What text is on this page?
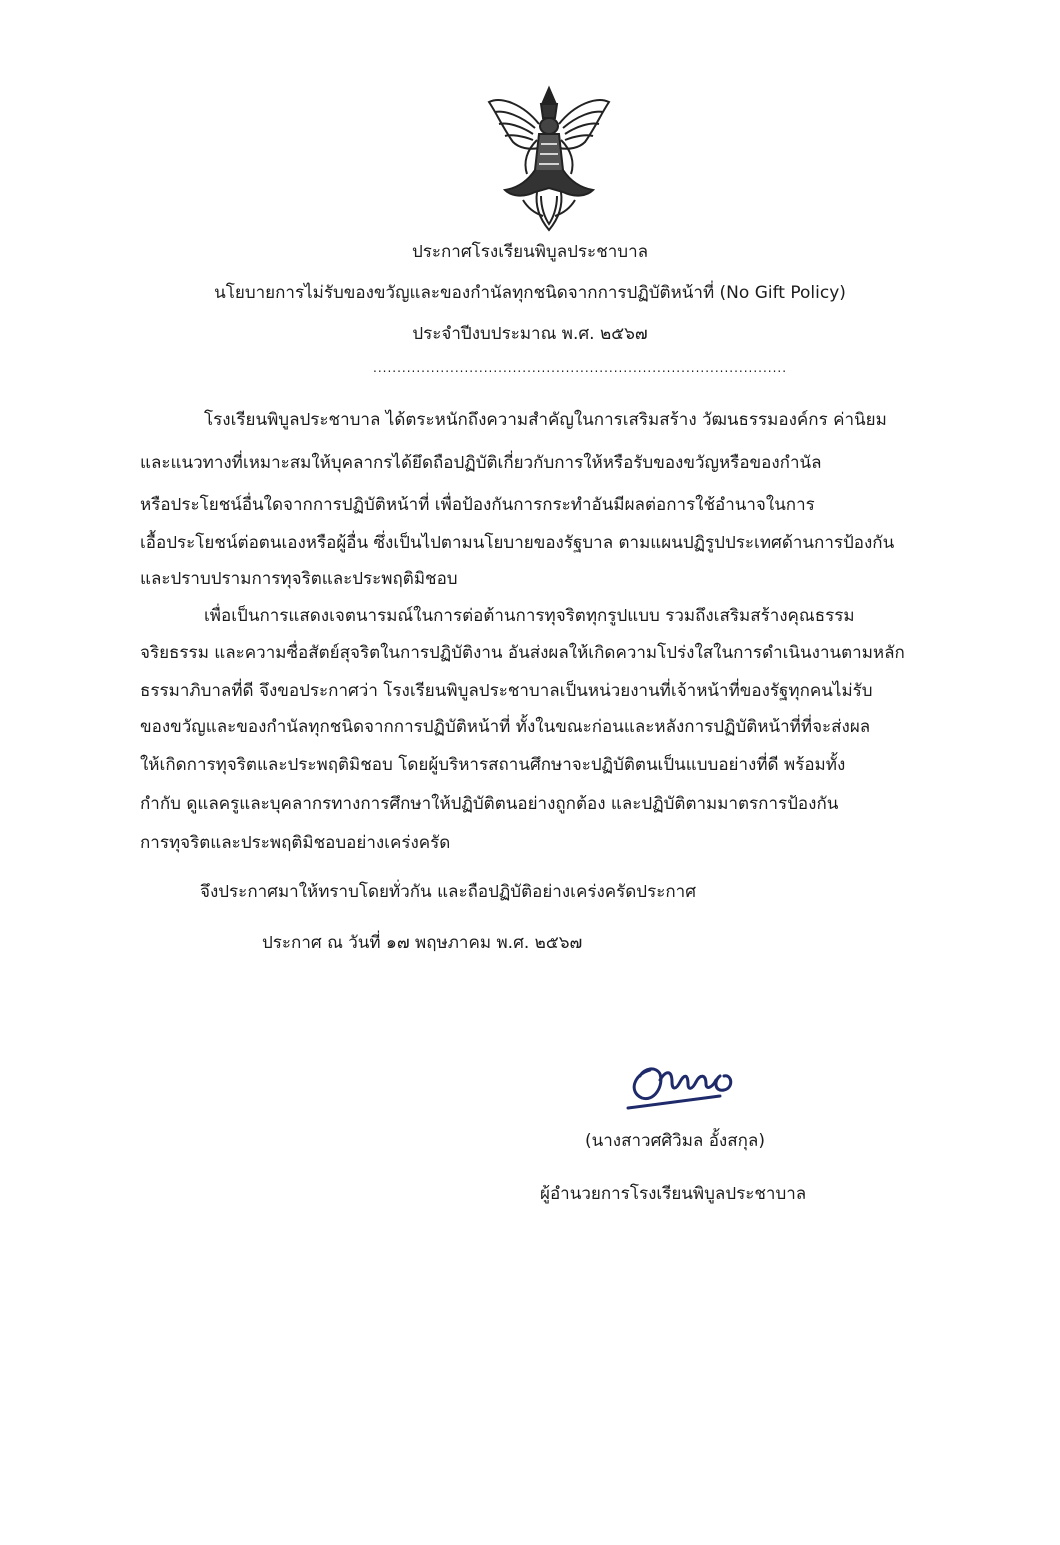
ประกาศโรงเรียนพิบูลประชาบาล
นโยบายการไม่รับของขวัญและของกำนัลทุกชนิดจากการปฏิบัติหน้าที่ (No Gift Policy)
ประจำปีงบประมาณ พ.ศ. ๒๕๖๗
......................................................................................
โรงเรียนพิบูลประชาบาล ได้ตระหนักถึงความสำคัญในการเสริมสร้าง วัฒนธรรมองค์กร ค่านิยม
และแนวทางที่เหมาะสมให้บุคลากรได้ยึดถือปฏิบัติเกี่ยวกับการให้หรือรับของขวัญหรือของกำนัล
หรือประโยชน์อื่นใดจากการปฏิบัติหน้าที่ เพื่อป้องกันการกระทำอันมีผลต่อการใช้อำนาจในการ
เอื้อประโยชน์ต่อตนเองหรือผู้อื่น ซึ่งเป็นไปตามนโยบายของรัฐบาล ตามแผนปฏิรูปประเทศด้านการป้องกัน
และปราบปรามการทุจริตและประพฤติมิชอบ
เพื่อเป็นการแสดงเจตนารมณ์ในการต่อต้านการทุจริตทุกรูปแบบ รวมถึงเสริมสร้างคุณธรรม
จริยธรรม และความซื่อสัตย์สุจริตในการปฏิบัติงาน อันส่งผลให้เกิดความโปร่งใสในการดำเนินงานตามหลัก
ธรรมาภิบาลที่ดี จึงขอประกาศว่า โรงเรียนพิบูลประชาบาลเป็นหน่วยงานที่เจ้าหน้าที่ของรัฐทุกคนไม่รับ
ของขวัญและของกำนัลทุกชนิดจากการปฏิบัติหน้าที่ ทั้งในขณะก่อนและหลังการปฏิบัติหน้าที่ที่จะส่งผล
ให้เกิดการทุจริตและประพฤติมิชอบ โดยผู้บริหารสถานศึกษาจะปฏิบัติตนเป็นแบบอย่างที่ดี พร้อมทั้ง
กำกับ ดูแลครูและบุคลากรทางการศึกษาให้ปฏิบัติตนอย่างถูกต้อง และปฏิบัติตามมาตรการป้องกัน
การทุจริตและประพฤติมิชอบอย่างเคร่งครัด
จึงประกาศมาให้ทราบโดยทั่วกัน และถือปฏิบัติอย่างเคร่งครัดประกาศ
ประกาศ ณ วันที่ ๑๗ พฤษภาคม พ.ศ. ๒๕๖๗
(นางสาวศศิวิมล อั้งสกุล)
ผู้อำนวยการโรงเรียนพิบูลประชาบาล
